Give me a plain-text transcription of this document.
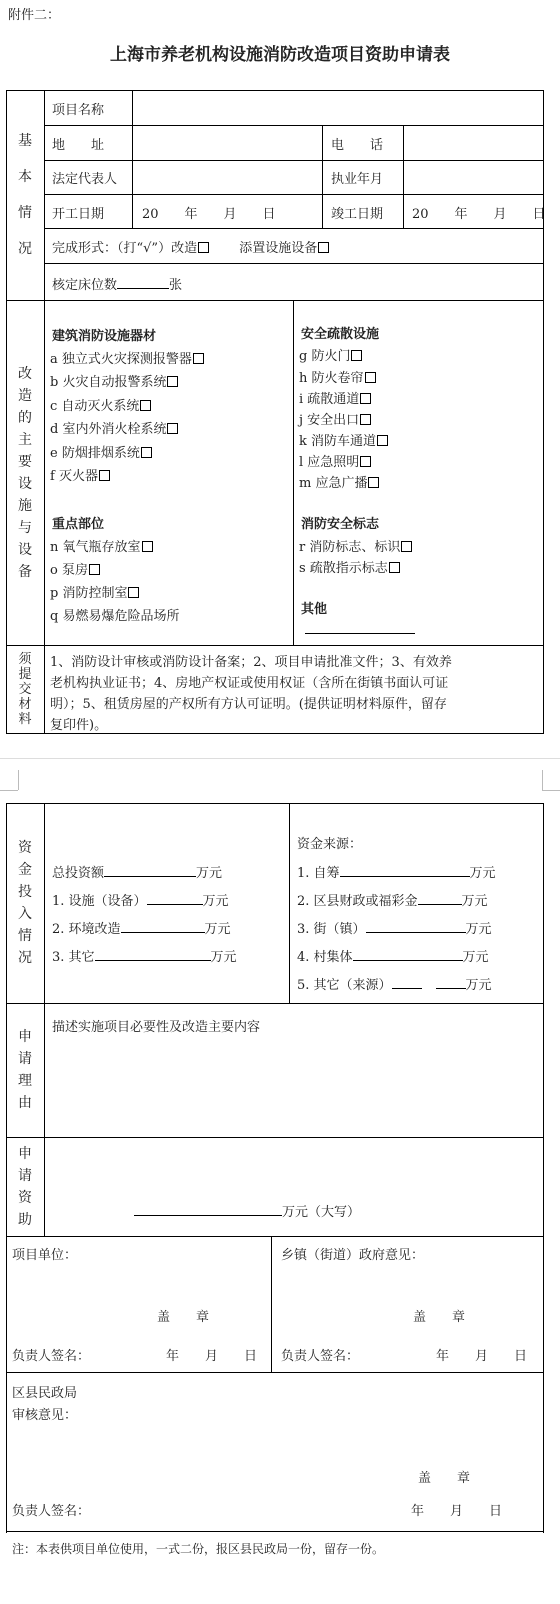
附件二：
上海市养老机构设施消防改造项目资助申请表
基
本
情
况
项目名称
地　　址	电　　话
法定代表人	执业年月
开工日期	20　　年　　月　　日	竣工日期 20　　年　　月　　日
完成形式：（打“√”）改造	添置设施设备
核定床位数	张
改
造
的
主
要
设
施
与
设
备
建筑消防设施器材
a 独立式火灾探测报警器
b 火灾自动报警系统
c 自动灭火系统
d 室内外消火栓系统
e 防烟排烟系统
f 灭火器
重点部位
n 氧气瓶存放室
o 泵房
p 消防控制室
q 易燃易爆危险品场所
安全疏散设施
g 防火门
h 防火卷帘
i 疏散通道
j 安全出口
k 消防车通道
l 应急照明
m 应急广播
消防安全标志
r 消防标志、标识
s 疏散指示标志
其他
须
提
交
材
料
1、消防设计审核或消防设计备案；2、项目申请批准文件；3、有效养
老机构执业证书；4、房地产权证或使用权证（含所在街镇书面认可证
明）；5、租赁房屋的产权所有方认可证明。(提供证明材料原件，留存
复印件)。
资
金
投
入
情
况
总投资额	万元
1. 设施（设备）	万元
2. 环境改造	万元
3. 其它	万元
资金来源：
1. 自筹	万元
2. 区县财政或福彩金	万元
3. 街（镇）	万元
4. 村集体	万元
5. 其它（来源）	万元
申
请
理
由
描述实施项目必要性及改造主要内容
申
请
资
助	万元（大写）
项目单位：
盖　　章
负责人签名：	年　　月　　日
乡镇（街道）政府意见：
盖　　章
负责人签名：	年　　月　　日
区县民政局
审核意见：
盖　　章
负责人签名：	年　　月　　日
注：本表供项目单位使用，一式二份，报区县民政局一份，留存一份。
